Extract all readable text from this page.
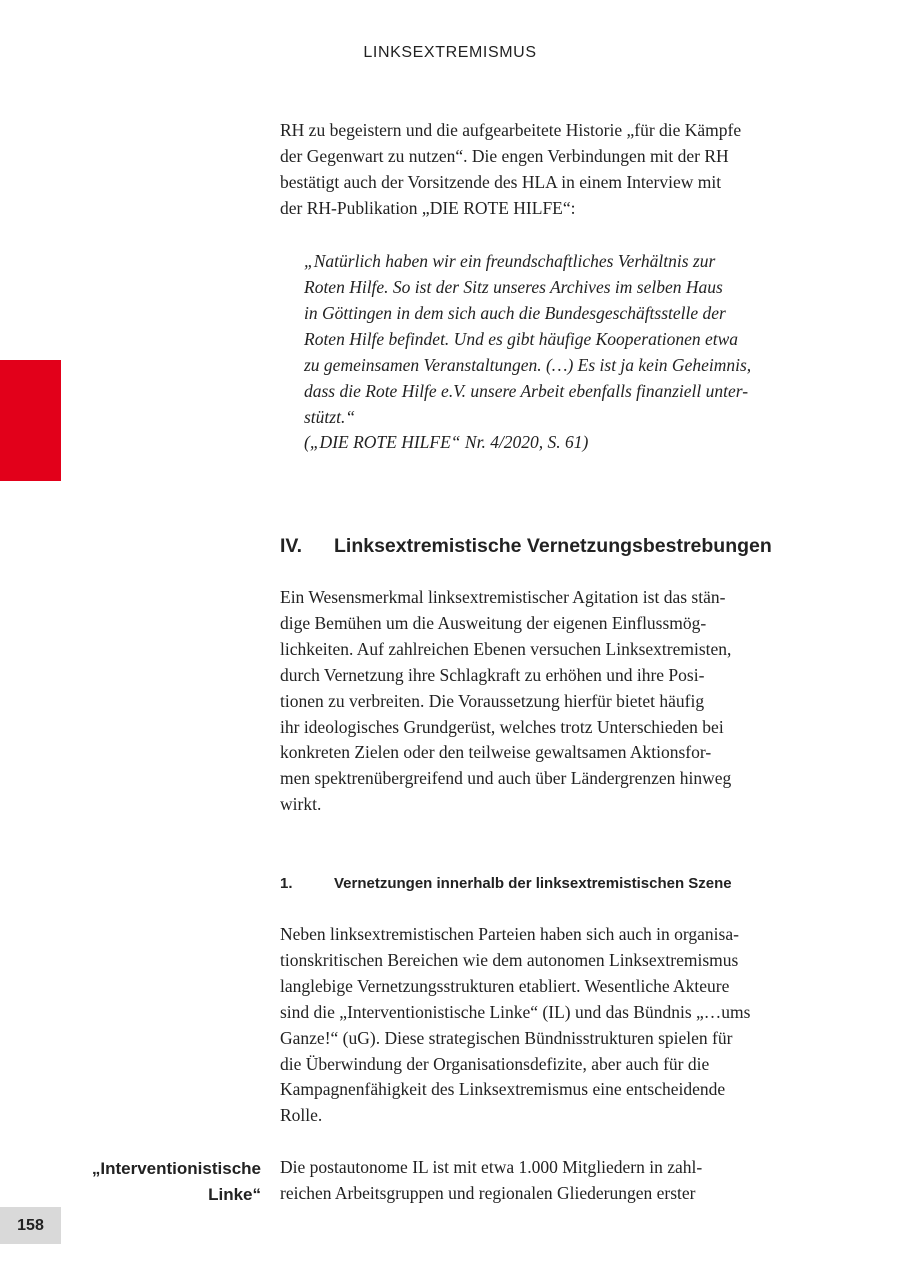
LINKSEXTREMISMUS

RH zu begeistern und die aufgearbeitete Historie „für die Kämpfe
der Gegenwart zu nutzen“. Die engen Verbindungen mit der RH
bestätigt auch der Vorsitzende des HLA in einem Interview mit
der RH-Publikation „DIE ROTE HILFE“:

„Natürlich haben wir ein freundschaftliches Verhältnis zur
Roten Hilfe. So ist der Sitz unseres Archives im selben Haus
in Göttingen in dem sich auch die Bundesgeschäftsstelle der
Roten Hilfe befindet. Und es gibt häufige Kooperationen etwa
zu gemeinsamen Veranstaltungen. (…) Es ist ja kein Geheimnis,
dass die Rote Hilfe e.V. unsere Arbeit ebenfalls finanziell unter-
stützt.“

(„DIE ROTE HILFE“ Nr. 4/2020, S. 61)

IV. Linksextremistische Vernetzungsbestrebungen

Ein Wesensmerkmal linksextremistischer Agitation ist das stän-
dige Bemühen um die Ausweitung der eigenen Einflussmög-
lichkeiten. Auf zahlreichen Ebenen versuchen Linksextremisten,
durch Vernetzung ihre Schlagkraft zu erhöhen und ihre Posi-
tionen zu verbreiten. Die Voraussetzung hierfür bietet häufig
ihr ideologisches Grundgerüst, welches trotz Unterschieden bei
konkreten Zielen oder den teilweise gewaltsamen Aktionsfor-
men spektrenübergreifend und auch über Ländergrenzen hinweg
wirkt.

1.	Vernetzungen innerhalb der linksextremistischen Szene

Neben linksextremistischen Parteien haben sich auch in organisa-
tionskritischen Bereichen wie dem autonomen Linksextremismus
langlebige Vernetzungsstrukturen etabliert. Wesentliche Akteure
sind die „Interventionistische Linke“ (IL) und das Bündnis „…ums
Ganze!“ (uG). Diese strategischen Bündnisstrukturen spielen für
die Überwindung der Organisationsdefizite, aber auch für die
Kampagnenfähigkeit des Linksextremismus eine entscheidende
Rolle.

„Interventionistische
Linke“

Die postautonome IL ist mit etwa 1.000 Mitgliedern in zahl-
reichen Arbeitsgruppen und regionalen Gliederungen erster

158
